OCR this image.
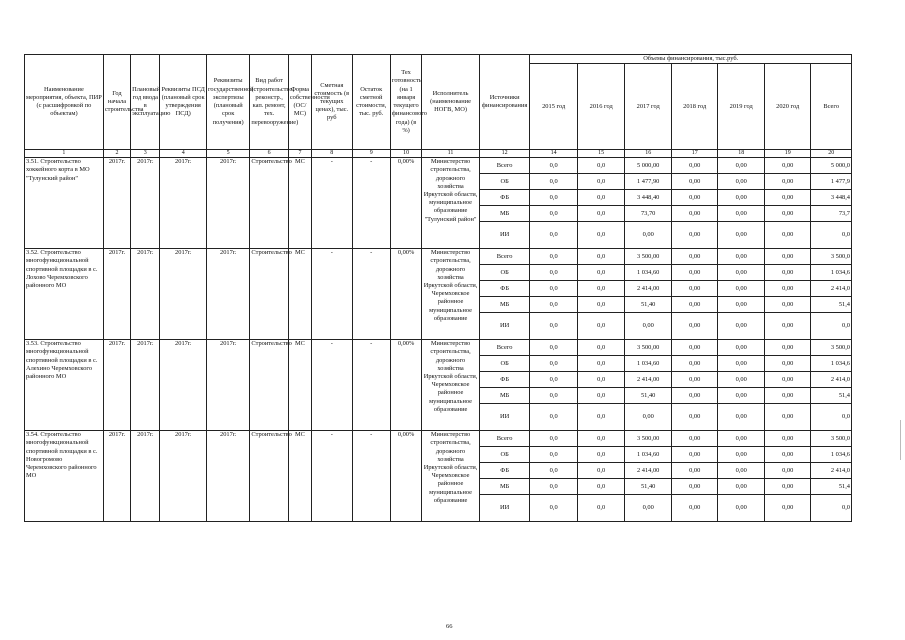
Наименование мероприятия, объекта, ПИР (с расшифровкой по объектам)	Год начала строительства	Плановый год ввода в эксплуатацию	Реквизиты ПСД (плановый срок утверждения ПСД)	Реквизиты государственной экспертизы (плановый срок получения)	Вид работ (строительство, реконстр., кап. ремонт, тех. перевооружение)	Форма собственности (ОС/МС)	Сметная стоимость (в текущих ценах), тыс. руб	Остаток сметной стоимости, тыс. руб.	Тех готовность (на 1 января текущего финансового года) (в %)	Исполнитель (наименование НОГВ, МО)	Источники финансирования	Объемы финансирования, тыс.руб.						
												2015 год	2016 год	2017 год	2018 год	2019 год	2020 год	Всего
1	2	3	4	5	6	7	8	9	10	11	12	14	15	16	17	18	19	20
3.51. Строительство хоккейного корта в МО "Тулунский район"	2017г.	2017г.	2017г.	2017г.	Строительство	МС	-	-	0,00%	Министерство строительства, дорожного хозяйства Иркутской области, муниципальное образование "Тулунский район"	Всего	0,0	0,0	5 000,00	0,00	0,00	0,00	5 000,0
											ОБ	0,0	0,0	1 477,90	0,00	0,00	0,00	1 477,9
											ФБ	0,0	0,0	3 448,40	0,00	0,00	0,00	3 448,4
											МБ	0,0	0,0	73,70	0,00	0,00	0,00	73,7
											ИИ	0,0	0,0	0,00	0,00	0,00	0,00	0,0
3.52. Строительство многофункциональной спортивной площадки в с. Лохово Черемховского районного МО	2017г.	2017г.	2017г.	2017г.	Строительство	МС	-	-	0,00%	Министерство строительства, дорожного хозяйства Иркутской области, Черемховское районное муниципальное образование	Всего	0,0	0,0	3 500,00	0,00	0,00	0,00	3 500,0
											ОБ	0,0	0,0	1 034,60	0,00	0,00	0,00	1 034,6
											ФБ	0,0	0,0	2 414,00	0,00	0,00	0,00	2 414,0
											МБ	0,0	0,0	51,40	0,00	0,00	0,00	51,4
											ИИ	0,0	0,0	0,00	0,00	0,00	0,00	0,0
3.53. Строительство многофункциональной спортивной площадки в с. Алехино Черемховского районного МО	2017г.	2017г.	2017г.	2017г.	Строительство	МС	-	-	0,00%	Министерство строительства, дорожного хозяйства Иркутской области, Черемховское районное муниципальное образование	Всего	0,0	0,0	3 500,00	0,00	0,00	0,00	3 500,0
											ОБ	0,0	0,0	1 034,60	0,00	0,00	0,00	1 034,6
											ФБ	0,0	0,0	2 414,00	0,00	0,00	0,00	2 414,0
											МБ	0,0	0,0	51,40	0,00	0,00	0,00	51,4
											ИИ	0,0	0,0	0,00	0,00	0,00	0,00	0,0
3.54. Строительство многофункциональной спортивной площадки в с. Новогромово Черемховского районного МО	2017г.	2017г.	2017г.	2017г.	Строительство	МС	-	-	0,00%	Министерство строительства, дорожного хозяйства Иркутской области, Черемховское районное муниципальное образование	Всего	0,0	0,0	3 500,00	0,00	0,00	0,00	3 500,0
											ОБ	0,0	0,0	1 034,60	0,00	0,00	0,00	1 034,6
											ФБ	0,0	0,0	2 414,00	0,00	0,00	0,00	2 414,0
											МБ	0,0	0,0	51,40	0,00	0,00	0,00	51,4
											ИИ	0,0	0,0	0,00	0,00	0,00	0,00	0,0
66
